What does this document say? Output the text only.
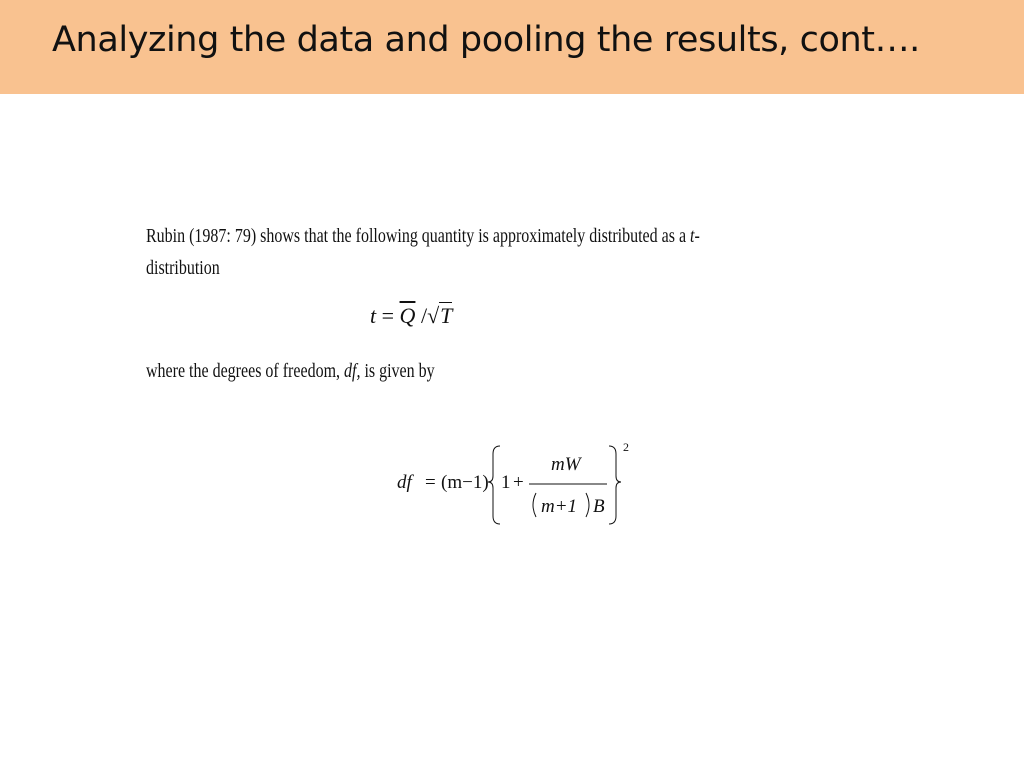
Analyzing the data and pooling the results, cont….
Rubin (1987: 79) shows that the following quantity is approximately distributed as a t-
distribution
$t = \overline{Q}$ /√T
where the degrees of freedom, df, is given by
df = (m−1) 1 +
mW
m+1 B
2
